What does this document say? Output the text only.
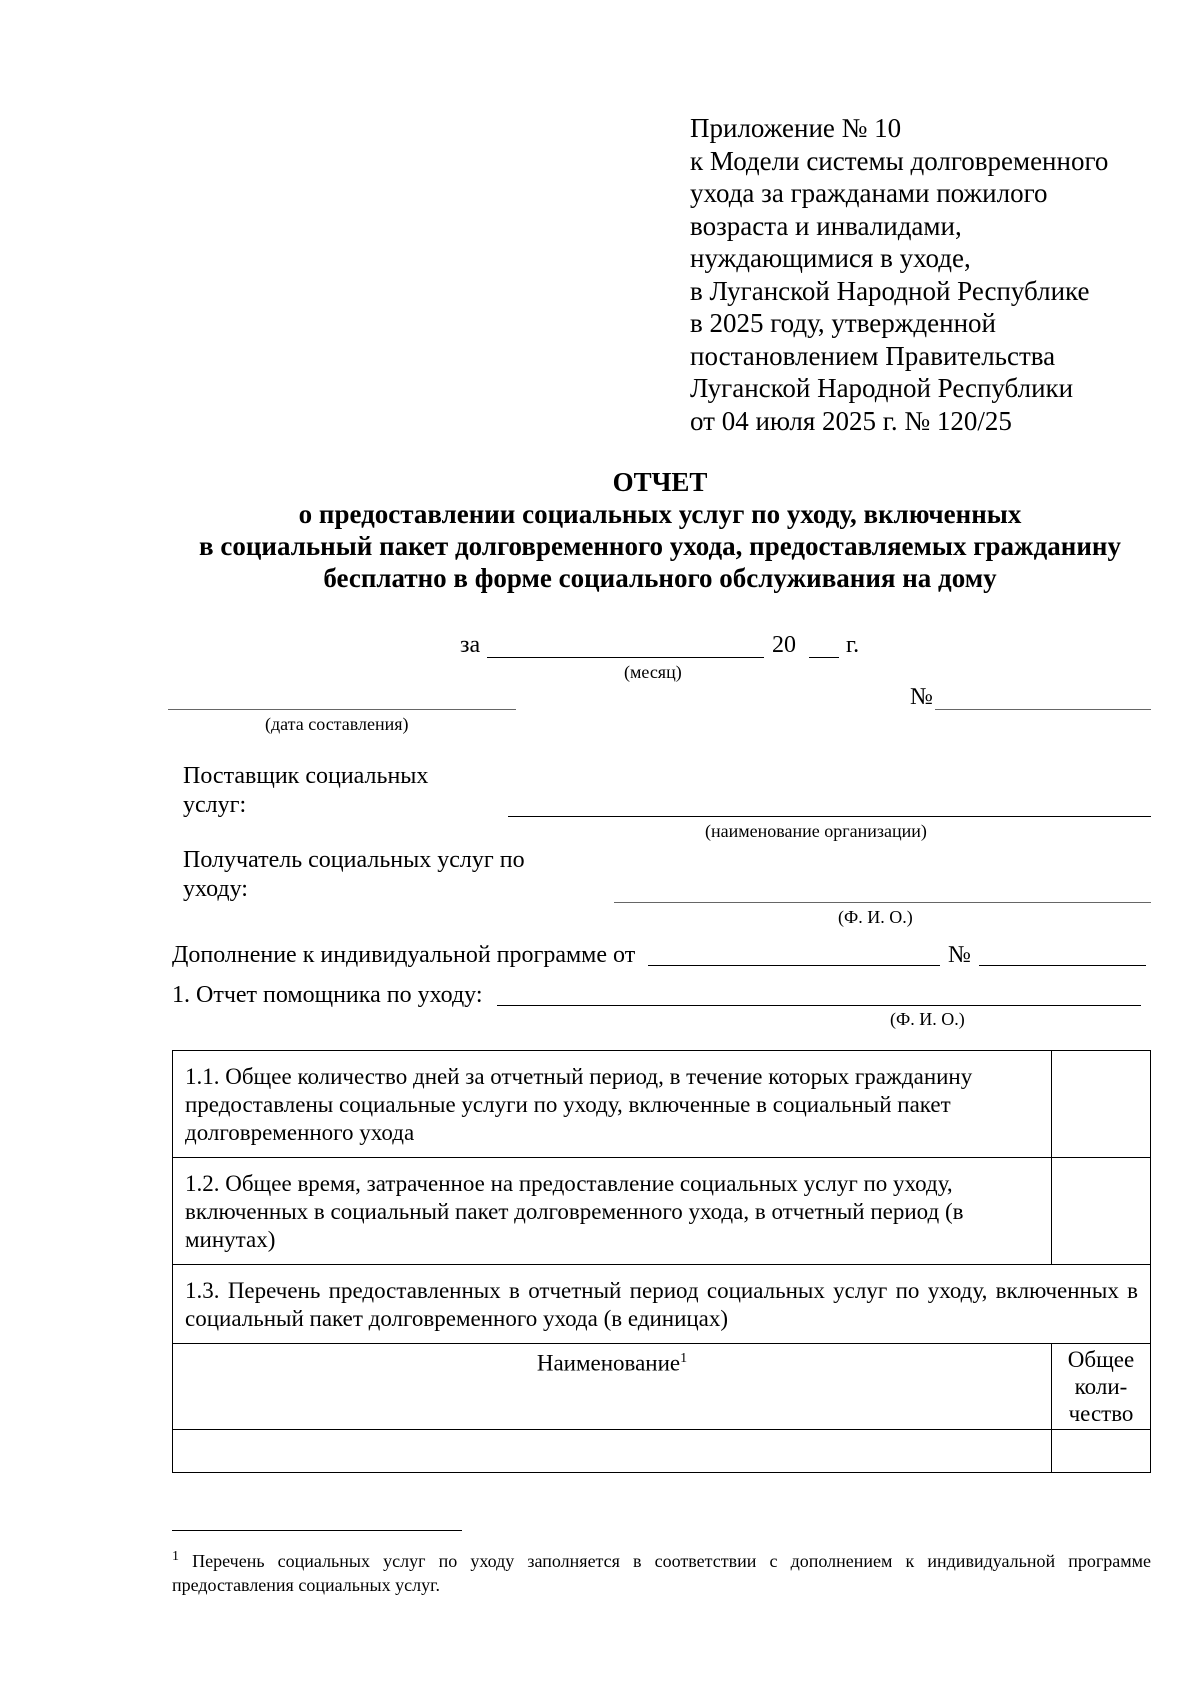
Приложение № 10
к Модели системы долговременного
ухода за гражданами пожилого
возраста и инвалидами,
нуждающимися в уходе,
в Луганской Народной Республике
в 2025 году, утвержденной
постановлением Правительства
Луганской Народной Республики
от 04 июля 2025 г. № 120/25
ОТЧЕТ
о предоставлении социальных услуг по уходу, включенных
в социальный пакет долговременного ухода, предоставляемых гражданину
бесплатно в форме социального обслуживания на дому
за	20 г.
(месяц)
(дата составления)
№
Поставщик социальных
услуг:
(наименование организации)
Получатель социальных услуг по
уходу:
(Ф. И. О.)
Дополнение к индивидуальной программе от	№
1. Отчет помощника по уходу:
(Ф. И. О.)
1.1. Общее количество дней за отчетный период, в течение которых гражданину предоставлены социальные услуги по уходу, включенные в социальный пакет долговременного ухода	
1.2. Общее время, затраченное на предоставление социальных услуг по уходу, включенных в социальный пакет долговременного ухода, в отчетный период (в минутах)	
1.3. Перечень предоставленных в отчетный период социальных услуг по уходу, включенных в социальный пакет долговременного ухода (в единицах)	
Наименование$^1$	Общее коли-чество

$^1$ Перечень социальных услуг по уходу заполняется в соответствии с дополнением к индивидуальной программе предоставления социальных услуг.
